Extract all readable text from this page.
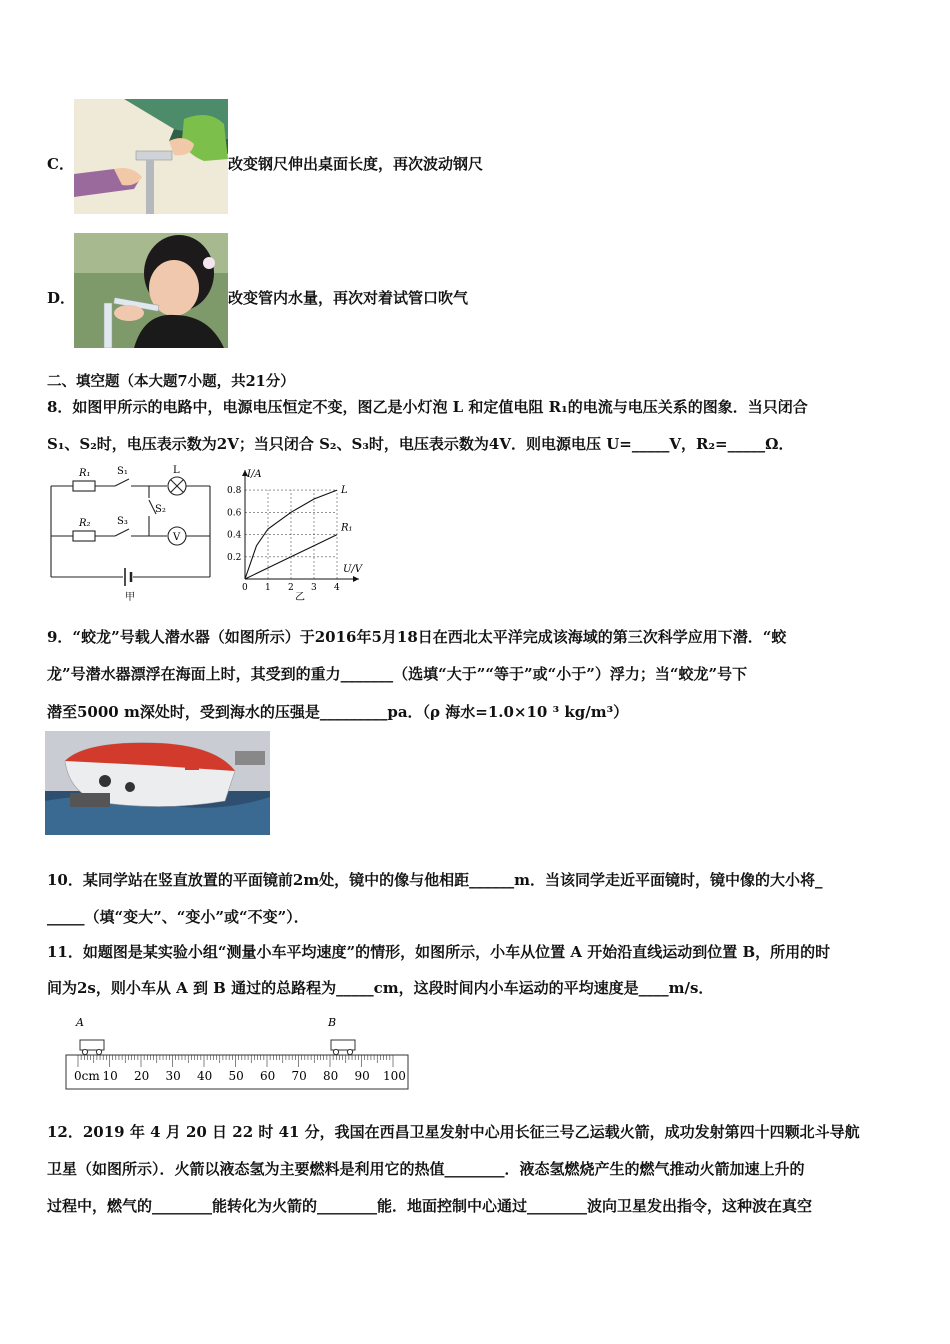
C．	改变钢尺伸出桌面长度，再次波动钢尺
D．	改变管内水量，再次对着试管口吹气
二、填空题（本大题7小题，共21分）
8．如图甲所示的电路中，电源电压恒定不变，图乙是小灯泡 L 和定值电阻 R₁的电流与电压关系的图象．当只闭合
S₁、S₂时，电压表示数为2V；当只闭合 S₂、S₃时，电压表示数为4V．则电源电压 U=_____V，R₂=_____Ω．
R₁	S₁	L
S₂
R₂	S₃
V
甲
0.8
0.6
0.4
0.2
0 1 2 3 4
L
R₁
I/A
U/V
乙
9．“蛟龙”号载人潜水器（如图所示）于2016年5月18日在西北太平洋完成该海域的第三次科学应用下潜．“蛟
龙”号潜水器漂浮在海面上时，其受到的重力_______（选填“大于”“等于”或“小于”）浮力；当“蛟龙”号下
潜至5000 m深处时，受到海水的压强是_________pa．（ρ 海水=1.0×10 ³ kg/m³）
10．某同学站在竖直放置的平面镜前2m处，镜中的像与他相距______m．当该同学走近平面镜时，镜中像的大小将_
_____（填“变大”、“变小”或“不变”）．
11．如题图是某实验小组“测量小车平均速度”的情形，如图所示，小车从位置 A 开始沿直线运动到位置 B，所用的时
间为2s，则小车从 A 到 B 通过的总路程为_____cm，这段时间内小车运动的平均速度是____m/s．
A	B
0cm 10 20 30 40 50 60 70 80 90 100
12．2019 年 4 月 20 日 22 时 41 分，我国在西昌卫星发射中心用长征三号乙运载火箭，成功发射第四十四颗北斗导航
卫星（如图所示）．火箭以液态氢为主要燃料是利用它的热值________．液态氢燃烧产生的燃气推动火箭加速上升的
过程中，燃气的________能转化为火箭的________能．地面控制中心通过________波向卫星发出指令，这种波在真空
